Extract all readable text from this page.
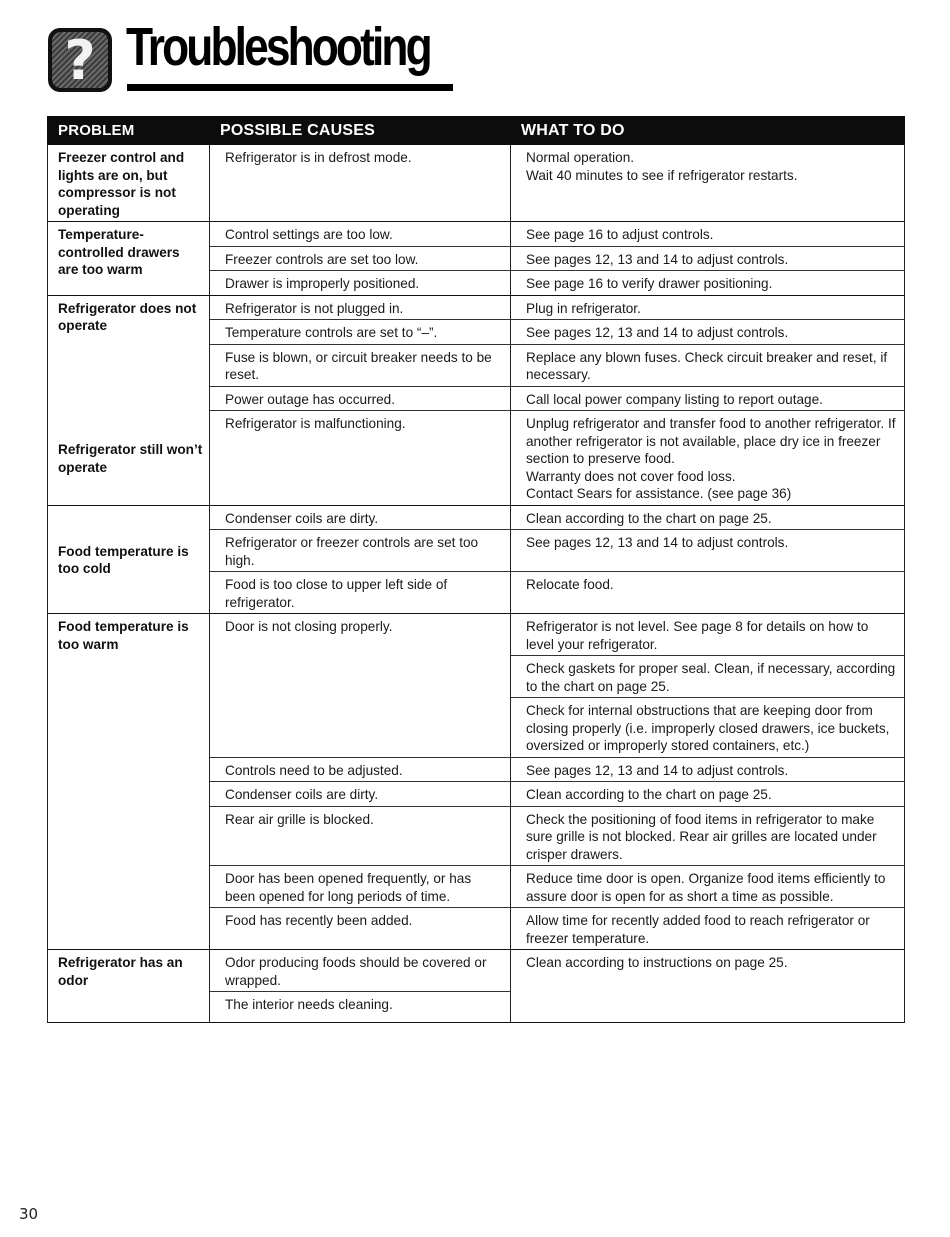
? Troubleshooting
PROBLEM	POSSIBLE CAUSES	WHAT TO DO
Freezer control and lights are on, but compressor is not operating	Refrigerator is in defrost mode.	Normal operation.
Wait 40 minutes to see if refrigerator restarts.

Temperature-controlled drawers are too warm	Control settings are too low.	See page 16 to adjust controls.
	Freezer controls are set too low.	See pages 12, 13 and 14 to adjust controls.
	Drawer is improperly positioned.	See page 16 to verify drawer positioning.
Refrigerator does not operate	Refrigerator is not plugged in.	Plug in refrigerator.
	Temperature controls are set to “–”.	See pages 12, 13 and 14 to adjust controls.
	Fuse is blown, or circuit breaker needs to be reset.	Replace any blown fuses. Check circuit breaker and reset, if necessary.
	Power outage has occurred.	Call local power company listing to report outage.
Refrigerator still won’t operate	Refrigerator is malfunctioning.	Unplug refrigerator and transfer food to another refrigerator. If another refrigerator is not available, place dry ice in freezer section to preserve food.
Warranty does not cover food loss.
Contact Sears for assistance. (see page 36)

Food temperature is too cold	Condenser coils are dirty.	Clean according to the chart on page 25.
	Refrigerator or freezer controls are set too high.	See pages 12, 13 and 14 to adjust controls.
	Food is too close to upper left side of refrigerator.	Relocate food.
Food temperature is too warm	Door is not closing properly.	Refrigerator is not level. See page 8 for details on how to level your refrigerator.
		Check gaskets for proper seal. Clean, if necessary, according to the chart on page 25.
		Check for internal obstructions that are keeping door from closing properly (i.e. improperly closed drawers, ice buckets, oversized or improperly stored containers, etc.)
	Controls need to be adjusted.	See pages 12, 13 and 14 to adjust controls.
	Condenser coils are dirty.	Clean according to the chart on page 25.
	Rear air grille is blocked.	Check the positioning of food items in refrigerator to make sure grille is not blocked. Rear air grilles are located under crisper drawers.
	Door has been opened frequently, or has been opened for long periods of time.	Reduce time door is open. Organize food items efficiently to assure door is open for as short a time as possible.
	Food has recently been added.	Allow time for recently added food to reach refrigerator or freezer temperature.
Refrigerator has an odor	Odor producing foods should be covered or wrapped.	Clean according to instructions on page 25.
	The interior needs cleaning.	
30
